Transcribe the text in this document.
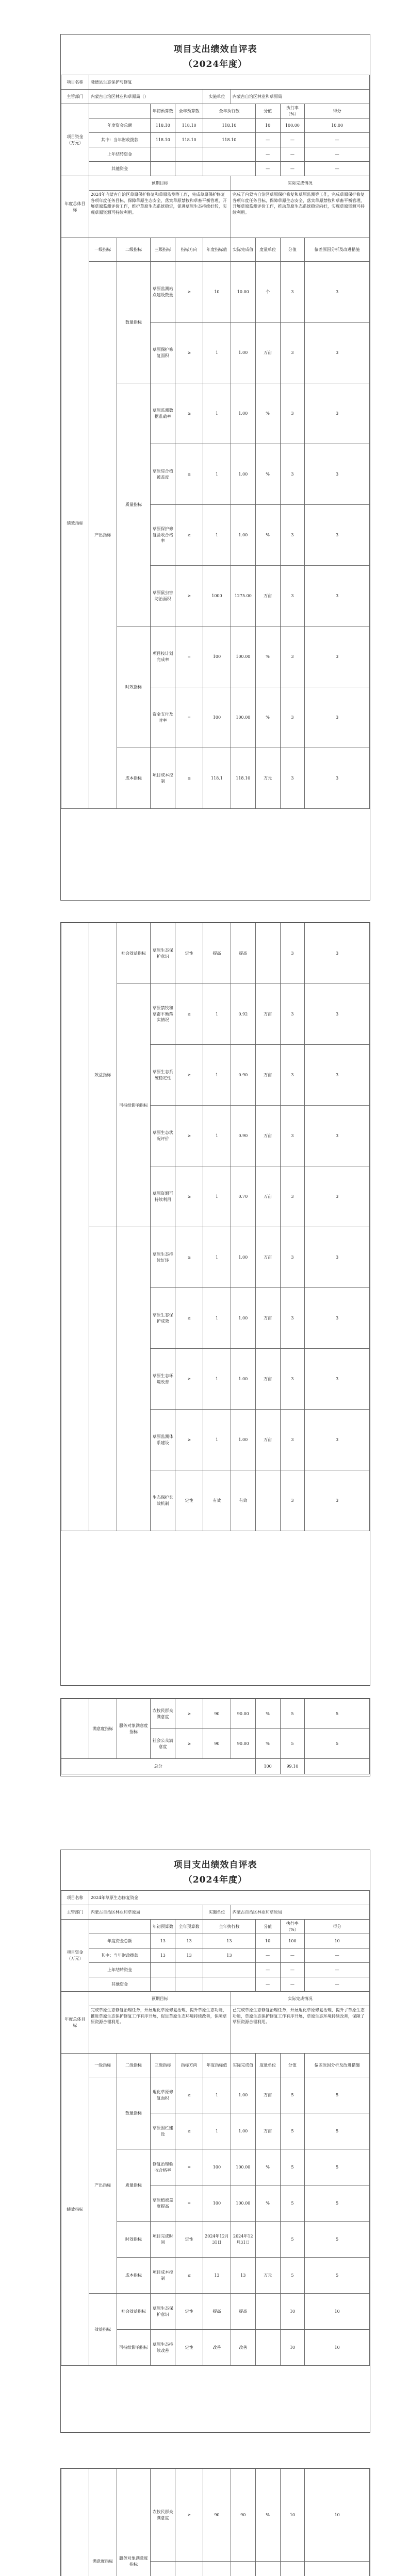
项目支出绩效自评表
（2024年度）
项目名称	隆德县生态保护与修复								
主管部门	内蒙古自治区林业和草原局（）				实施单位	内蒙古自治区林业和草原局			
项目资金（万元）			年初预算数	全年预算数	全年执行数		分值	执行率（%）	得分
	年度资金总额		118.10	118.10	118.10		10	100.00	10.00
	其中：当年财政拨款		118.10	118.10	118.10		—	—	—
	上年结转资金						—	—	—
	其他资金						—	—	—
年度总体目标	预期目标					实际完成情况			
	2024年内蒙古自治区草原保护修复和草原监测等工作，完成草原保护修复各项年度任务目标，保障草原生态安全，落实草原禁牧和草畜平衡管理，开展草原监测评价工作，维护草原生态系统稳定，促进草原生态持续好转，实现草原资源可持续利用。					完成了内蒙古自治区草原保护修复和草原监测等工作，完成草原保护修复各项年度任务目标，保障草原生态安全，落实草原禁牧和草畜平衡管理，开展草原监测评价工作，推动草原生态系统稳定向好，实现草原资源可持续利用。			
绩效指标	一级指标	二级指标	三级指标	指标方向	年度指标值	实际完成值	度量单位	分值	偏差原因分析及改进措施
	产出指标	数量指标	草原监测站点建设数量	≥	10	10.00	个	3	3
			草原保护修复面积	≥	1	1.00	万亩	3	3
		质量指标	草原监测数据准确率	≥	1	1.00	%	3	3
			草原综合植被盖度	≥	1	1.00	%	3	3
			草原保护修复验收合格率	≥	1	1.00	%	3	3
			草原鼠虫害防治面积	≥	1000	1275.00	万亩	3	3
		时效指标	项目按计划完成率	=	100	100.00	%	3	3
			资金支付及时率	=	100	100.00	%	3	3
		成本指标	项目成本控制	≤	118.1	118.10	万元	3	3
	效益指标	社会效益指标	草原生态保护意识	定性	提高	提高		3	3
		可持续影响指标	草原禁牧和草畜平衡落实情况	≥	1	0.92	万亩	3	3
			草原生态系统稳定性	≥	1	0.90	万亩	3	3
			草原生态状况评价	≥	1	0.90	万亩	3	3
			草原资源可持续利用	≥	1	0.70	万亩	3	3
			草原生态持续好转	≥	1	1.00	万亩	3	3
			草原生态保护成效	≥	1	1.00	万亩	3	3
			草原生态环境改善	≥	1	1.00	万亩	3	3
			草原监测体系建设	≥	1	1.00	万亩	3	3
			生态保护长效机制	定性	有效	有效		3	3
	满意度指标	服务对象满意度指标	农牧民群众满意度	≥	90	90.00	%	5	5
			社会公众满意度	≥	90	90.00	%	5	5
总分							100	99.10	
项目支出绩效自评表
（2024年度）
项目名称	2024年草原生态修复资金								
主管部门	内蒙古自治区林业和草原局				实施单位	内蒙古自治区林业和草原局			
项目资金（万元）			年初预算数	全年预算数	全年执行数		分值	执行率（%）	得分
	年度资金总额		13	13	13		10	100	10
	其中：当年财政拨款		13	13	13		—	—	—
	上年结转资金						—	—	—
	其他资金						—	—	—
年度总体目标	预期目标					实际完成情况			
	完成草原生态修复治理任务，开展退化草原修复治理，提升草原生态功能，推进草原生态保护修复工作有序开展，促进草原生态环境持续改善，保障草原资源合理利用。					已完成草原生态修复治理任务，开展退化草原修复治理，提升了草原生态功能，草原生态保护修复工作有序开展，草原生态环境持续改善，保障了草原资源合理利用。			
绩效指标	一级指标	二级指标	三级指标	指标方向	年度指标值	实际完成值	度量单位	分值	偏差原因分析及改进措施
	产出指标	数量指标	退化草原修复面积	≥	1	1.00	万亩	5	5
			草原围栏建设	≥	1	1.00	万亩	5	5
		质量指标	修复治理验收合格率	=	100	100.00	%	5	5
			草原植被盖度提高	=	100	100.00	%	5	5
		时效指标	项目完成时间	定性	2024年12月31日	2024年12月31日		5	5
		成本指标	项目成本控制	≤	13	13	万元	5	5
	效益指标	社会效益指标	草原生态保护意识	定性	提高	提高		10	10
		可持续影响指标	草原生态持续改善	定性	改善	改善		10	10
	满意度指标	服务对象满意度指标	农牧民群众满意度	≥	90	90	%	10	10
